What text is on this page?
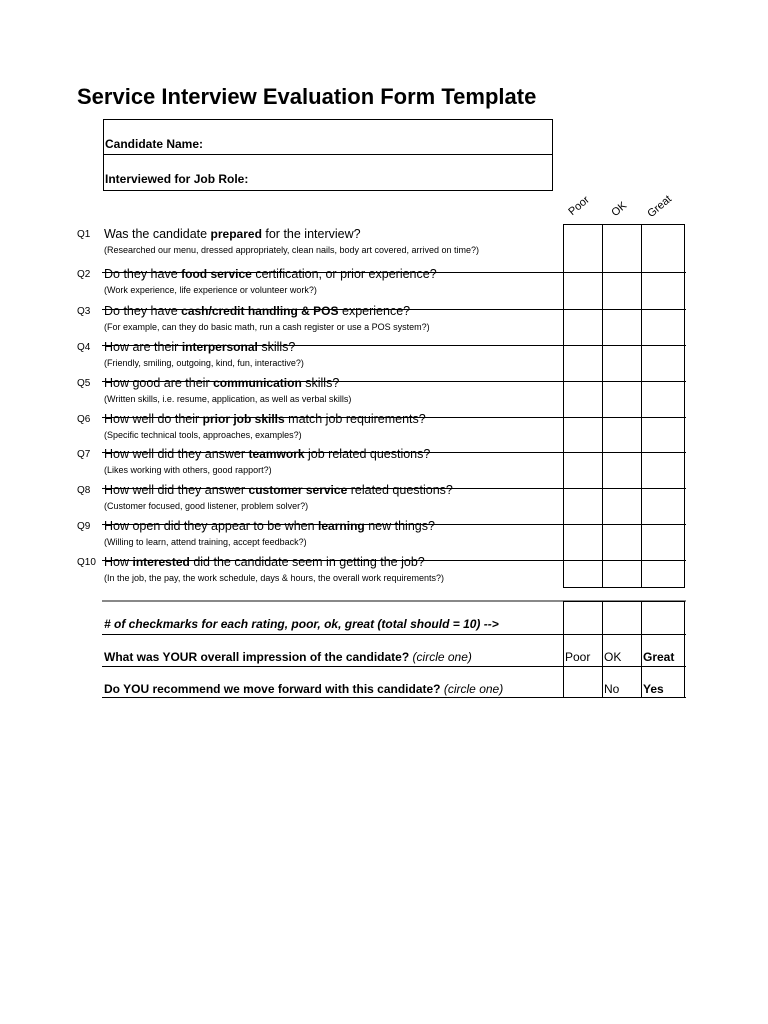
Service Interview Evaluation Form Template
Candidate Name:
Interviewed for Job Role:
Poor OK Great
Q1 Was the candidate prepared for the interview?
(Researched our menu, dressed appropriately, clean nails, body art covered, arrived on time?)
Q2 Do they have food service certification, or prior experience?
(Work experience, life experience or volunteer work?)
Q3 Do they have cash/credit handling & POS experience?
(For example, can they do basic math, run a cash register or use a POS system?)
Q4 How are their interpersonal skills?
(Friendly, smiling, outgoing, kind, fun, interactive?)
Q5 How good are their communication skills?
(Written skills, i.e. resume, application, as well as verbal skills)
Q6 How well do their prior job skills match job requirements?
(Specific technical tools, approaches, examples?)
Q7 How well did they answer teamwork job related questions?
(Likes working with others, good rapport?)
Q8 How well did they answer customer service related questions?
(Customer focused, good listener, problem solver?)
Q9 How open did they appear to be when learning new things?
(Willing to learn, attend training, accept feedback?)
Q10 How interested did the candidate seem in getting the job?
(In the job, the pay, the work schedule, days & hours, the overall work requirements?)
# of checkmarks for each rating, poor, ok, great (total should = 10) -->
What was YOUR overall impression of the candidate? (circle one)	Poor OK Great
Do YOU recommend we move forward with this candidate? (circle one)	No Yes
